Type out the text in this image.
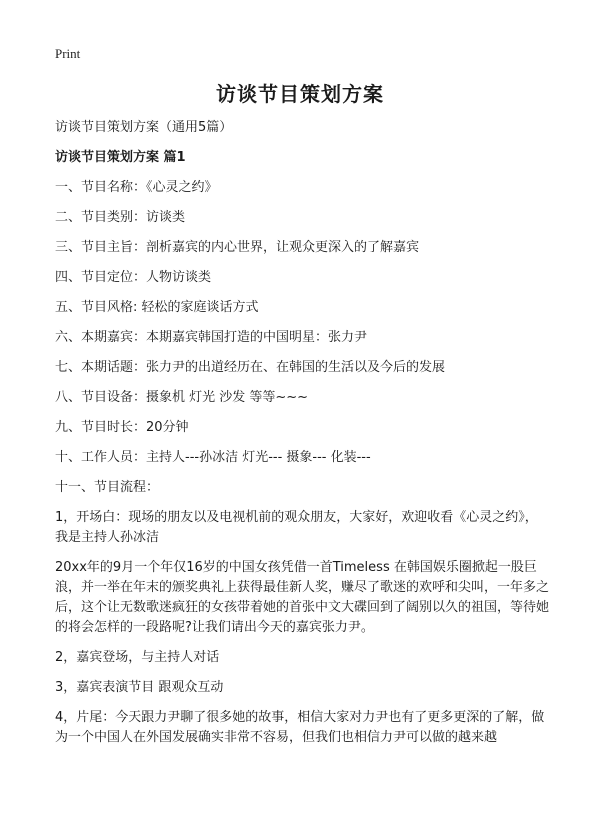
Print
访谈节目策划方案
访谈节目策划方案（通用5篇）
访谈节目策划方案 篇1
一、节目名称：《心灵之约》
二、节目类别：访谈类
三、节目主旨：剖析嘉宾的内心世界，让观众更深入的了解嘉宾
四、节目定位：人物访谈类
五、节目风格: 轻松的家庭谈话方式
六、本期嘉宾：本期嘉宾韩国打造的中国明星：张力尹
七、本期话题：张力尹的出道经历在、在韩国的生活以及今后的发展
八、节目设备：摄象机 灯光 沙发 等等~~~
九、节目时长：20分钟
十、工作人员：主持人---孙冰洁 灯光--- 摄象--- 化装---
十一、节目流程：
1，开场白：现场的朋友以及电视机前的观众朋友，大家好，欢迎收看《心灵之约》，我是主持人孙冰洁
20xx年的9月一个年仅16岁的中国女孩凭借一首Timeless 在韩国娱乐圈掀起一股巨浪，并一举在年末的颁奖典礼上获得最佳新人奖，赚尽了歌迷的欢呼和尖叫，一年多之后，这个让无数歌迷疯狂的女孩带着她的首张中文大碟回到了阔别以久的祖国，等待她的将会怎样的一段路呢?让我们请出今天的嘉宾张力尹。
2，嘉宾登场，与主持人对话
3，嘉宾表演节目 跟观众互动
4，片尾：今天跟力尹聊了很多她的故事，相信大家对力尹也有了更多更深的了解，做为一个中国人在外国发展确实非常不容易，但我们也相信力尹可以做的越来越
